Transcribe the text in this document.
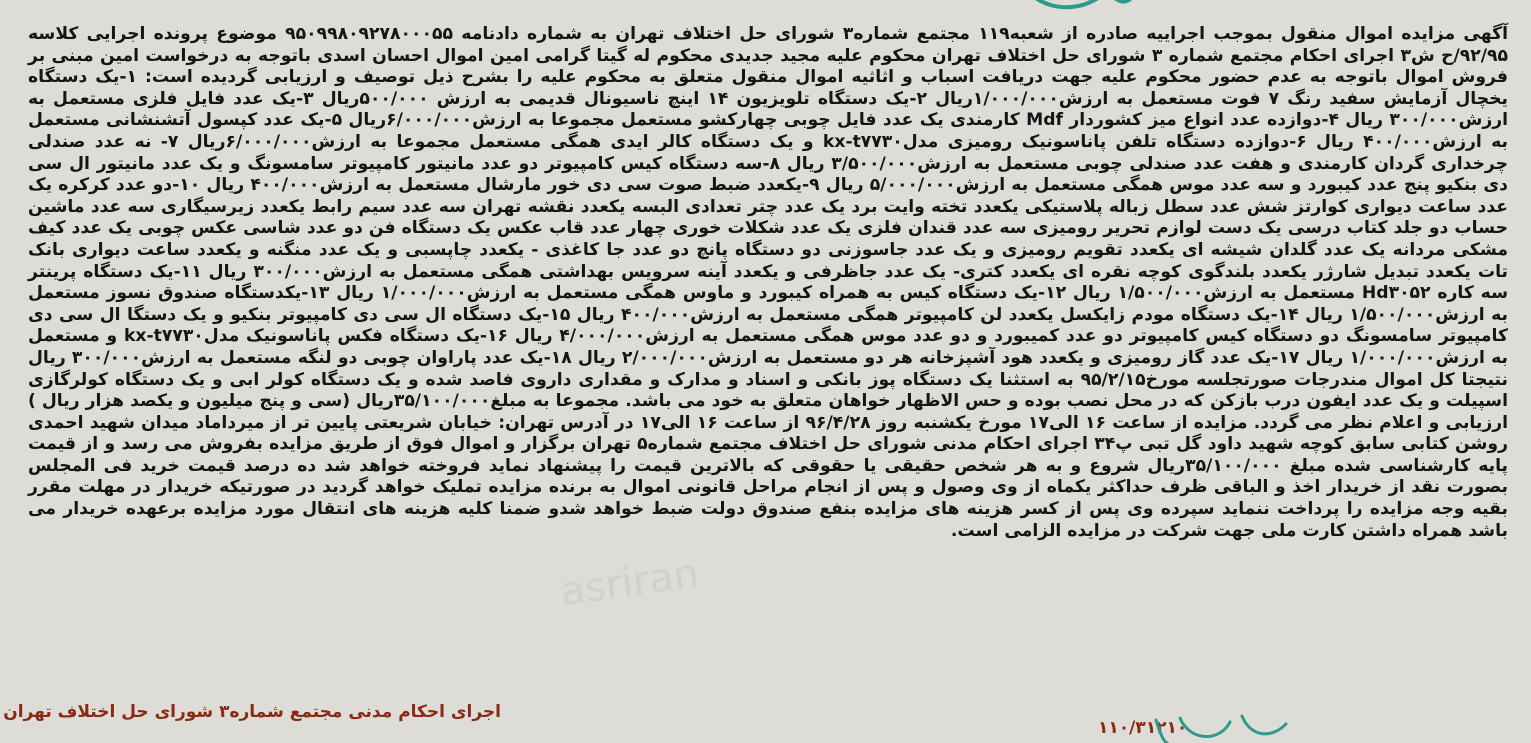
آگهی مزایده اموال منقول بموجب اجراییه صادره از شعبه۱۱۹ مجتمع شماره۳ شورای حل اختلاف تهران به شماره دادنامه ۹۵۰۹۹۸۰۹۲۷۸۰۰۰۵۵ موضوع پرونده اجرایی کلاسه ۹۲/۹۵/ح ش۳ اجرای احکام مجتمع شماره ۳ شورای حل اختلاف تهران محکوم علیه مجید جدیدی محکوم له گیتا گرامی امین اموال احسان اسدی باتوجه به درخواست امین مبنی بر فروش اموال باتوجه به عدم حضور محکوم علیه جهت دریافت اسباب و اثاثیه اموال منقول متعلق به محکوم علیه را بشرح ذیل توصیف و ارزیابی گردیده است: ۱-یک دستگاه یخچال آزمایش سفید رنگ ۷ فوت مستعمل به ارزش۱/۰۰۰/۰۰۰ریال ۲-یک دستگاه تلویزیون ۱۴ اینچ ناسیونال قدیمی به ارزش ۵۰۰/۰۰۰ریال ۳-یک عدد فایل فلزی مستعمل به ارزش۳۰۰/۰۰۰ ریال ۴-دوازده عدد انواع میز کشوردار Mdf کارمندی یک عدد فایل چوبی چهارکشو مستعمل مجموعا به ارزش۶/۰۰۰/۰۰۰ریال ۵-یک عدد کپسول آتشنشانی مستعمل به ارزش۴۰۰/۰۰۰ ریال ۶-دوازده دستگاه تلفن پاناسونیک رومیزی مدلkx-t۷۷۳۰ و یک دستگاه کالر ایدی همگی مستعمل مجموعا به ارزش۶/۰۰۰/۰۰۰ریال ۷- نه عدد صندلی چرخداری گردان کارمندی و هفت عدد صندلی چوبی مستعمل به ارزش۳/۵۰۰/۰۰۰ ریال ۸-سه دستگاه کیس کامپیوتر دو عدد مانیتور کامپیوتر سامسونگ و یک عدد مانیتور ال سی دی بنکیو پنج عدد کیبورد و سه عدد موس همگی مستعمل به ارزش۵/۰۰۰/۰۰۰ ریال ۹-یکعدد ضبط صوت سی دی خور مارشال مستعمل به ارزش۴۰۰/۰۰۰ ریال ۱۰-دو عدد کرکره یک عدد ساعت دیواری کوارتز شش عدد سطل زباله پلاستیکی یکعدد تخته وایت برد یک عدد چتر تعدادی البسه یکعدد نقشه تهران سه عدد سیم رابط یکعدد زیرسیگاری سه عدد ماشین حساب دو جلد کتاب درسی یک دست لوازم تحریر رومیزی سه عدد قندان فلزی یک عدد شکلات خوری چهار عدد قاب عکس یک دستگاه فن دو عدد شاسی عکس چوبی یک عدد کیف مشکی مردانه یک عدد گلدان شیشه ای یکعدد تقویم رومیزی و یک عدد جاسوزنی دو دستگاه پانچ دو عدد جا کاغذی - یکعدد چاپسبی و یک عدد منگنه و یکعدد ساعت دیواری بانک تات یکعدد تبدیل شارژر یکعدد بلندگوی کوچه نقره ای یکعدد کتری- یک عدد جاظرفی و یکعدد آینه سرویس بهداشتی همگی مستعمل به ارزش۳۰۰/۰۰۰ ریال ۱۱-یک دستگاه پرینتر سه کاره Hd۳۰۵۲ مستعمل به ارزش۱/۵۰۰/۰۰۰ ریال ۱۲-یک دستگاه کیس به همراه کیبورد و ماوس همگی مستعمل به ارزش۱/۰۰۰/۰۰۰ ریال ۱۳-یکدستگاه صندوق نسوز مستعمل به ارزش۱/۵۰۰/۰۰۰ ریال ۱۴-یک دستگاه مودم زایکسل یکعدد لن کامپیوتر همگی مستعمل به ارزش۴۰۰/۰۰۰ ریال ۱۵-یک دستگاه ال سی دی کامپیوتر بنکیو و یک دستگا ال سی دی کامپیوتر سامسونگ دو دستگاه کیس کامپیوتر دو عدد کمیبورد و دو عدد موس همگی مستعمل به ارزش۴/۰۰۰/۰۰۰ ریال ۱۶-یک دستگاه فکس پاناسونیک مدلkx-t۷۷۳۰ و مستعمل به ارزش۱/۰۰۰/۰۰۰ ریال ۱۷-یک عدد گاز رومیزی و یکعدد هود آشپزخانه هر دو مستعمل به ارزش۲/۰۰۰/۰۰۰ ریال ۱۸-یک عدد پاراوان چوبی دو لنگه مستعمل به ارزش۳۰۰/۰۰۰ ریال نتیجتا کل اموال مندرجات صورتجلسه مورخ۹۵/۲/۱۵ به استثنا یک دستگاه پوز بانکی و اسناد و مدارک و مقداری داروی فاصد شده و یک دستگاه کولر ابی و یک دستگاه کولرگازی اسپیلت و یک عدد ایفون درب بازکن که در محل نصب بوده و حس الاظهار خواهان متعلق به خود می باشد. مجموعا به مبلغ۳۵/۱۰۰/۰۰۰ریال (سی و پنج میلیون و یکصد هزار ریال ) ارزیابی و اعلام نظر می گردد. مزایده از ساعت ۱۶ الی۱۷ مورخ یکشنبه روز ۹۶/۴/۲۸ از ساعت ۱۶ الی۱۷ در آدرس تهران: خیابان شریعتی پایین تر از میرداماد میدان شهید احمدی روشن کتابی سابق کوچه شهید داود گل تبی پ۳۴ اجرای احکام مدنی شورای حل اختلاف مجتمع شماره۵ تهران برگزار و اموال فوق از طریق مزایده بفروش می رسد و از قیمت پایه کارشناسی شده مبلغ ۳۵/۱۰۰/۰۰۰ریال شروع و به هر شخص حقیقی یا حقوقی که بالاترین قیمت را پیشنهاد نماید فروخته خواهد شد ده درصد قیمت خرید فی المجلس بصورت نقد از خریدار اخذ و الباقی ظرف حداکثر یکماه از وی وصول و پس از انجام مراحل قانونی اموال به برنده مزایده تملیک خواهد گردید در صورتیکه خریدار در مهلت مقرر بقیه وجه مزایده را پرداخت ننماید سپرده وی پس از کسر هزینه های مزایده بنفع صندوق دولت ضبط خواهد شدو ضمنا کلیه هزینه های انتقال مورد مزایده برعهده خریدار می باشد همراه داشتن کارت ملی جهت شرکت در مزایده الزامی است.

asriran
اجرای احکام مدنی مجتمع شماره۳ شورای حل اختلاف تهران
۱۱۰/۳۱۲۱۰
